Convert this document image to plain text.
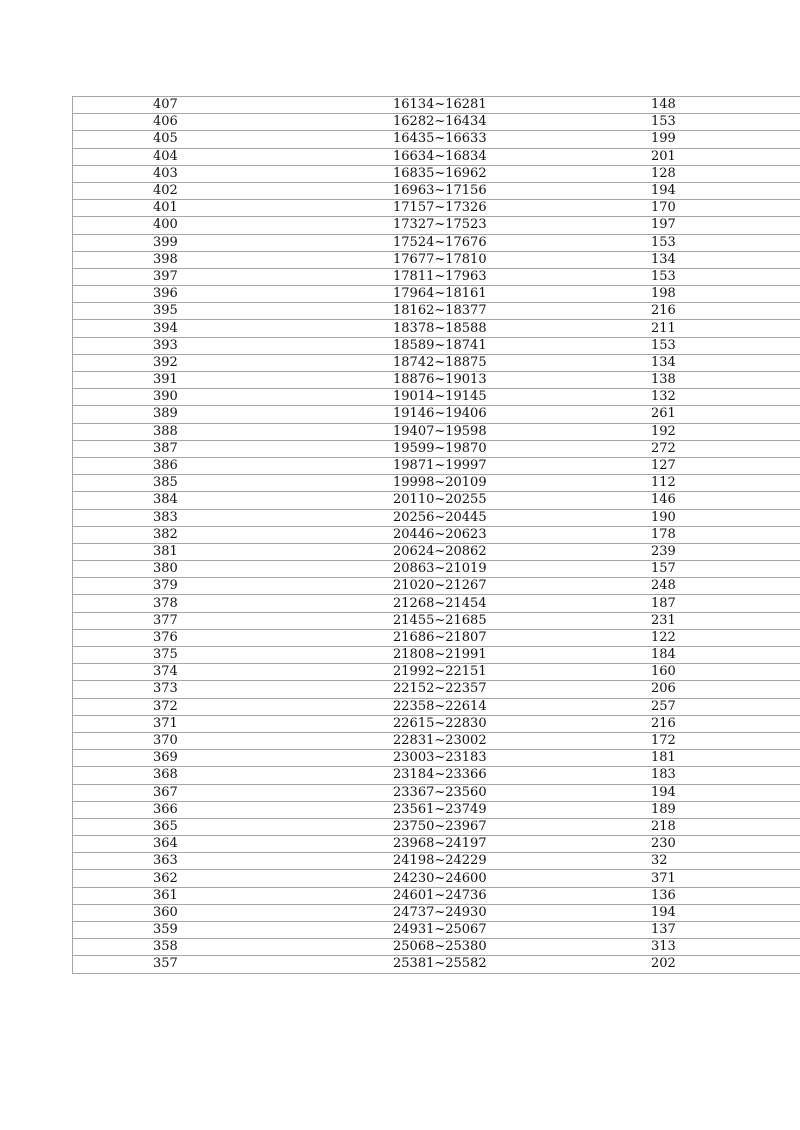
407	16134~16281	148
406	16282~16434	153
405	16435~16633	199
404	16634~16834	201
403	16835~16962	128
402	16963~17156	194
401	17157~17326	170
400	17327~17523	197
399	17524~17676	153
398	17677~17810	134
397	17811~17963	153
396	17964~18161	198
395	18162~18377	216
394	18378~18588	211
393	18589~18741	153
392	18742~18875	134
391	18876~19013	138
390	19014~19145	132
389	19146~19406	261
388	19407~19598	192
387	19599~19870	272
386	19871~19997	127
385	19998~20109	112
384	20110~20255	146
383	20256~20445	190
382	20446~20623	178
381	20624~20862	239
380	20863~21019	157
379	21020~21267	248
378	21268~21454	187
377	21455~21685	231
376	21686~21807	122
375	21808~21991	184
374	21992~22151	160
373	22152~22357	206
372	22358~22614	257
371	22615~22830	216
370	22831~23002	172
369	23003~23183	181
368	23184~23366	183
367	23367~23560	194
366	23561~23749	189
365	23750~23967	218
364	23968~24197	230
363	24198~24229	32
362	24230~24600	371
361	24601~24736	136
360	24737~24930	194
359	24931~25067	137
358	25068~25380	313
357	25381~25582	202
